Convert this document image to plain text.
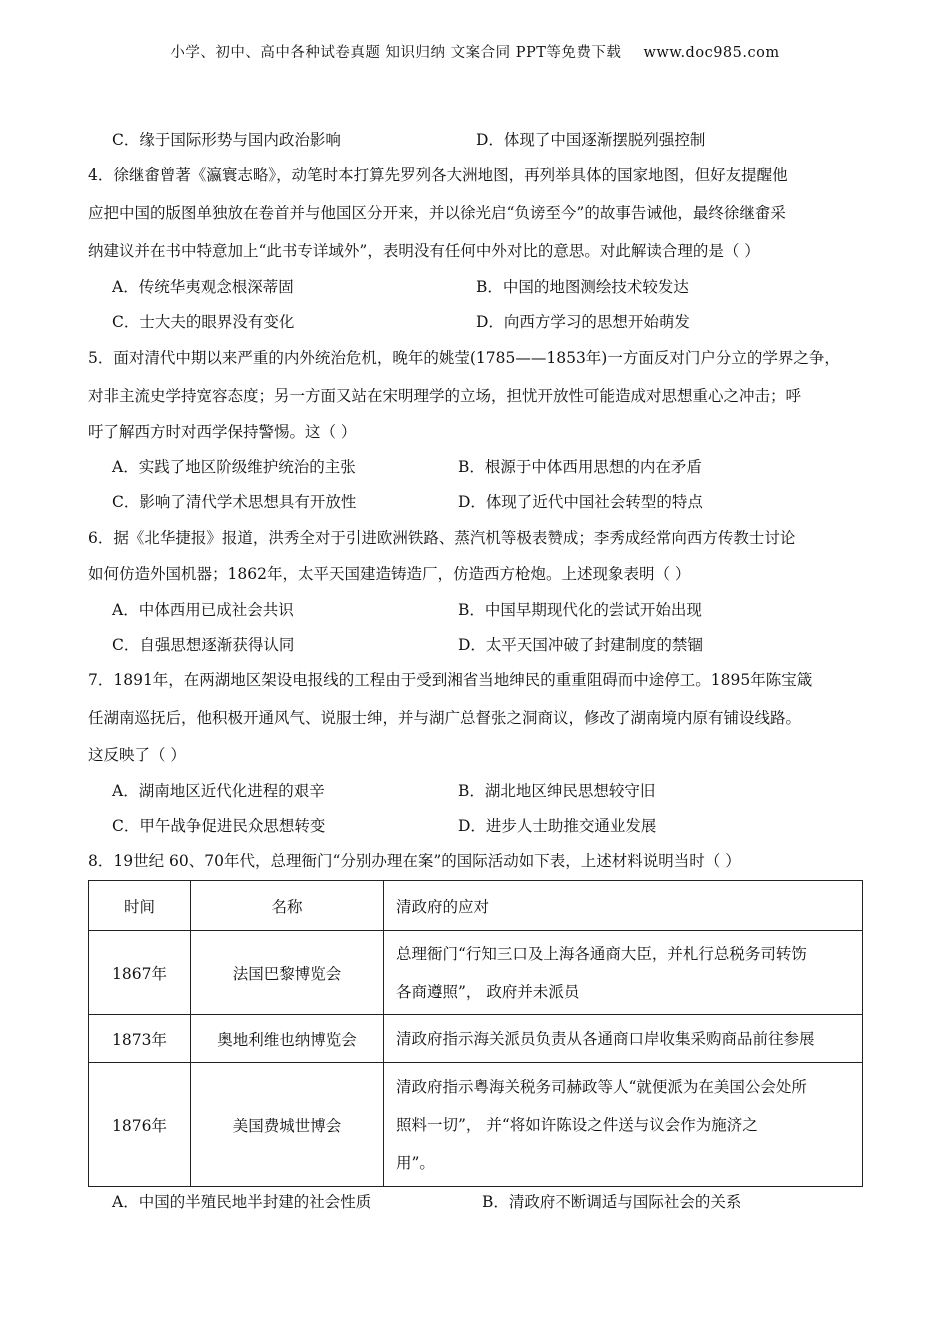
小学、初中、高中各种试卷真题 知识归纳 文案合同 PPT等免费下载 www.doc985.com
C．缘于国际形势与国内政治影响	D．体现了中国逐渐摆脱列强控制
4．徐继畬曾著《瀛寰志略》，动笔时本打算先罗列各大洲地图，再列举具体的国家地图，但好友提醒他
应把中国的版图单独放在卷首并与他国区分开来，并以徐光启“负谤至今”的故事告诫他，最终徐继畬采
纳建议并在书中特意加上“此书专详域外”，表明没有任何中外对比的意思。对此解读合理的是（ ）
A．传统华夷观念根深蒂固	B．中国的地图测绘技术较发达
C．士大夫的眼界没有变化	D．向西方学习的思想开始萌发
5．面对清代中期以来严重的内外统治危机，晚年的姚莹(1785——1853年)一方面反对门户分立的学界之争，
对非主流史学持宽容态度；另一方面又站在宋明理学的立场，担忧开放性可能造成对思想重心之冲击；呼
吁了解西方时对西学保持警惕。这（ ）
A．实践了地区阶级维护统治的主张	B．根源于中体西用思想的内在矛盾
C．影响了清代学术思想具有开放性	D．体现了近代中国社会转型的特点
6．据《北华捷报》报道，洪秀全对于引进欧洲铁路、蒸汽机等极表赞成；李秀成经常向西方传教士讨论
如何仿造外国机器；1862年，太平天国建造铸造厂，仿造西方枪炮。上述现象表明（ ）
A．中体西用已成社会共识	B．中国早期现代化的尝试开始出现
C．自强思想逐渐获得认同	D．太平天国冲破了封建制度的禁锢
7．1891年，在两湖地区架设电报线的工程由于受到湘省当地绅民的重重阻碍而中途停工。1895年陈宝箴
任湖南巡抚后，他积极开通风气、说服士绅，并与湖广总督张之洞商议，修改了湖南境内原有铺设线路。
这反映了（ ）
A．湖南地区近代化进程的艰辛	B．湖北地区绅民思想较守旧
C．甲午战争促进民众思想转变	D．进步人士助推交通业发展
8．19世纪 60、70年代，总理衙门“分别办理在案”的国际活动如下表，上述材料说明当时（ ）
时间	名称	清政府的应对
1867年	法国巴黎博览会	总理衙门“行知三口及上海各通商大臣，并札行总税务司转饬
各商遵照”， 政府并未派员

1873年	奥地利维也纳博览会	清政府指示海关派员负责从各通商口岸收集采购商品前往参展

1876年	美国费城世博会	清政府指示粤海关税务司赫政等人“就便派为在美国公会处所
照料一切”， 并“将如许陈设之件送与议会作为施济之
用”。
A．中国的半殖民地半封建的社会性质	B．清政府不断调适与国际社会的关系
